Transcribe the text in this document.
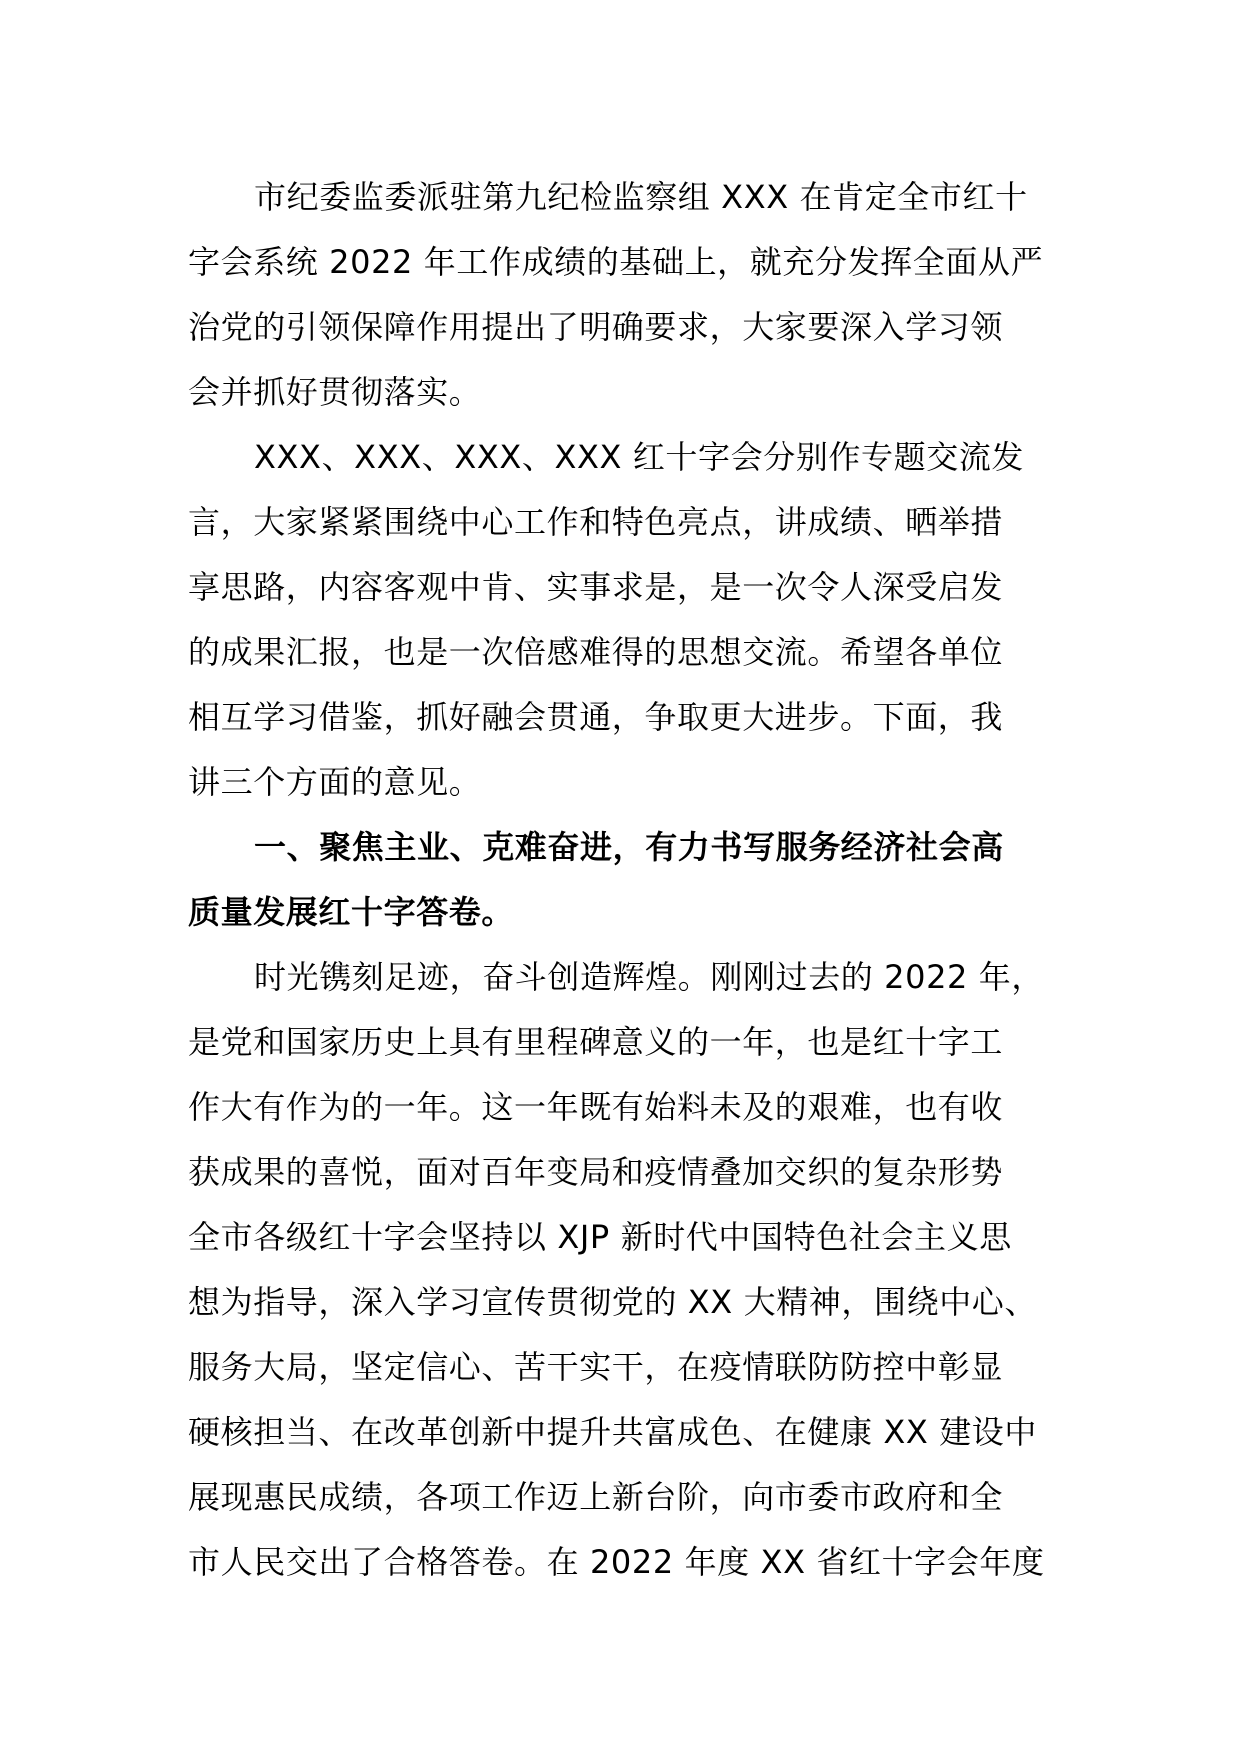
市纪委监委派驻第九纪检监察组 XXX 在肯定全市红十
字会系统 2022 年工作成绩的基础上，就充分发挥全面从严
治党的引领保障作用提出了明确要求，大家要深入学习领
会并抓好贯彻落实。
XXX、XXX、XXX、XXX 红十字会分别作专题交流发
言，大家紧紧围绕中心工作和特色亮点，讲成绩、晒举措
享思路，内容客观中肯、实事求是，是一次令人深受启发
的成果汇报，也是一次倍感难得的思想交流。希望各单位
相互学习借鉴，抓好融会贯通，争取更大进步。下面，我
讲三个方面的意见。
一、聚焦主业、克难奋进，有力书写服务经济社会高
质量发展红十字答卷。
时光镌刻足迹，奋斗创造辉煌。刚刚过去的 2022 年，
是党和国家历史上具有里程碑意义的一年，也是红十字工
作大有作为的一年。这一年既有始料未及的艰难，也有收
获成果的喜悦，面对百年变局和疫情叠加交织的复杂形势
全市各级红十字会坚持以 XJP 新时代中国特色社会主义思
想为指导，深入学习宣传贯彻党的 XX 大精神，围绕中心、
服务大局，坚定信心、苦干实干，在疫情联防防控中彰显
硬核担当、在改革创新中提升共富成色、在健康 XX 建设中
展现惠民成绩，各项工作迈上新台阶，向市委市政府和全
市人民交出了合格答卷。在 2022 年度 XX 省红十字会年度
